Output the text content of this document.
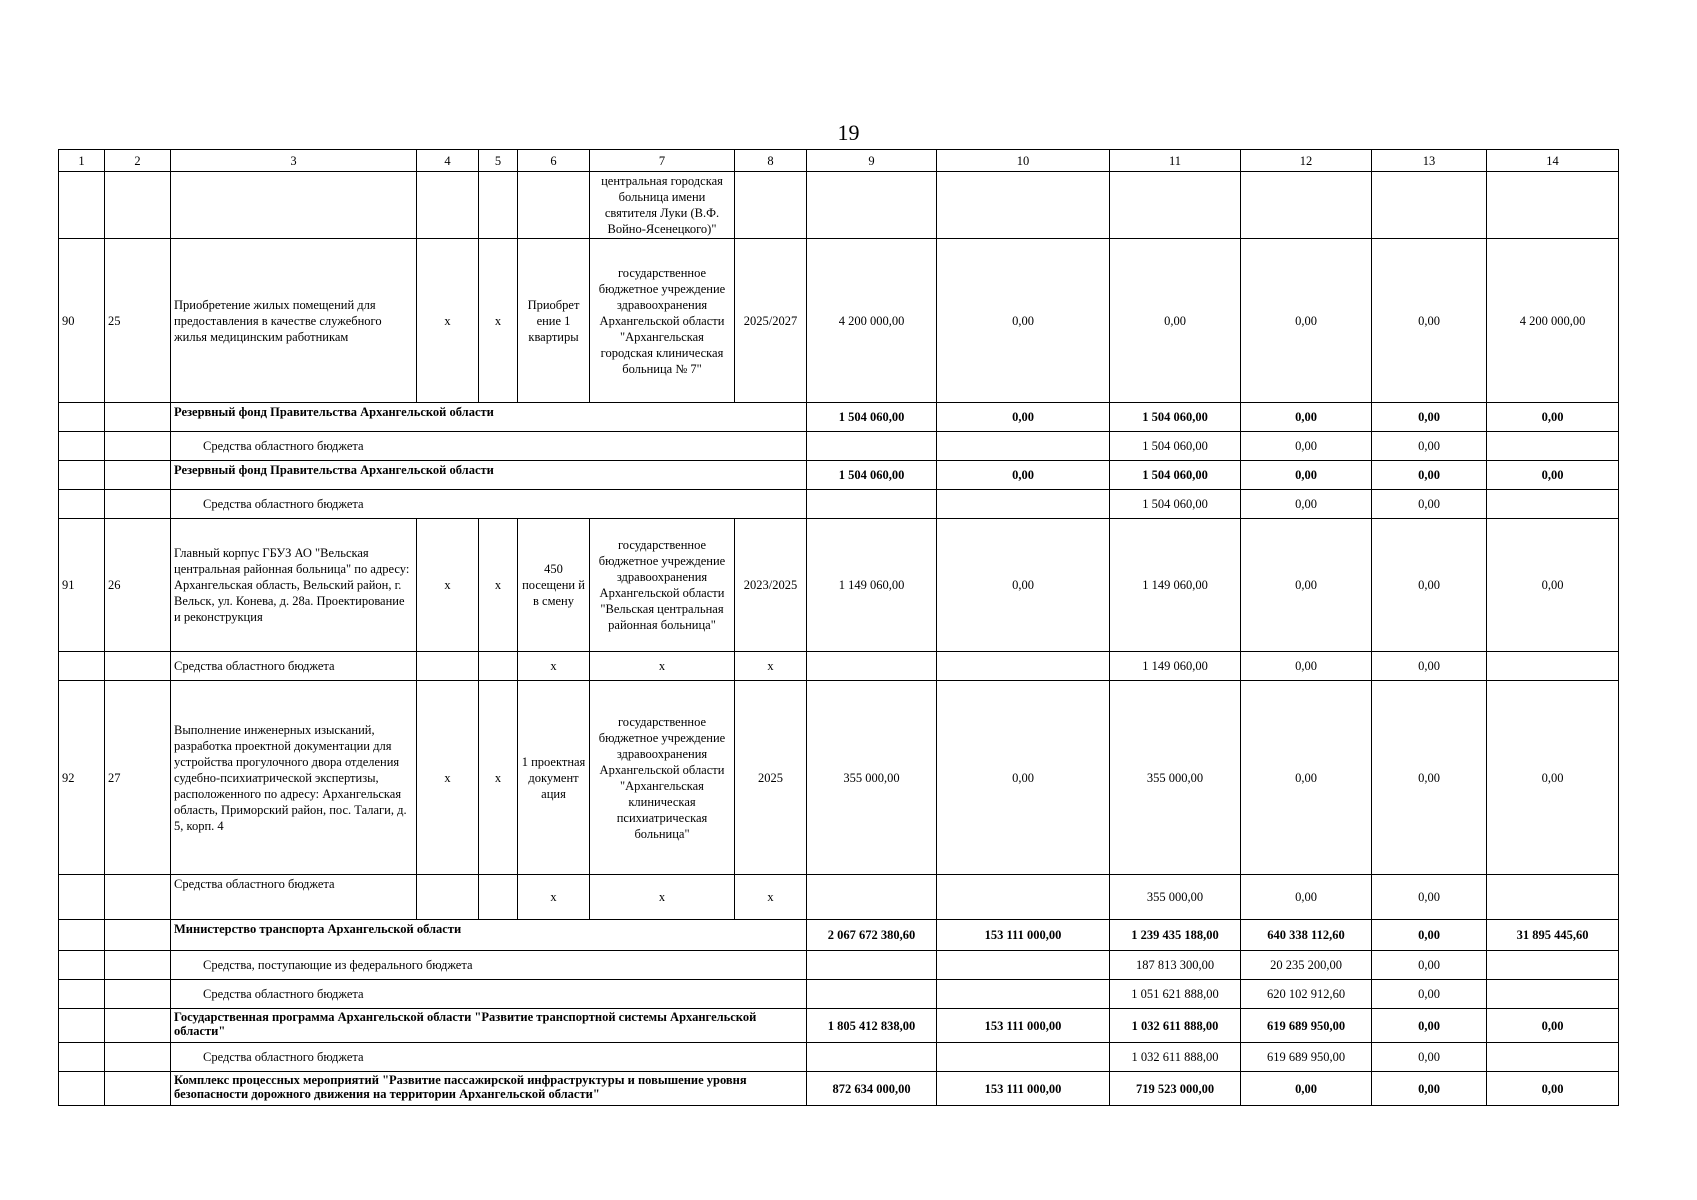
19
1	2	3	4	5	6	7	8	9	10	11	12	13	14
						центральная городская больница имени святителя Луки (В.Ф. Войно-Ясенецкого)"							
90	25	Приобретение жилых помещений для предоставления в качестве служебного жилья медицинским работникам	х	х	Приобрет ение 1 квартиры	государственное бюджетное учреждение здравоохранения Архангельской области "Архангельская городская клиническая больница № 7"	2025/2027	4 200 000,00	0,00	0,00	0,00	0,00	4 200 000,00
		Резервный фонд Правительства Архангельской области						1 504 060,00	0,00	1 504 060,00	0,00	0,00	0,00
		Средства областного бюджета								1 504 060,00	0,00	0,00	
		Резервный фонд Правительства Архангельской области						1 504 060,00	0,00	1 504 060,00	0,00	0,00	0,00
		Средства областного бюджета								1 504 060,00	0,00	0,00	
91	26	Главный корпус ГБУЗ АО "Вельская центральная районная больница" по адресу: Архангельская область, Вельский район, г. Вельск, ул. Конева, д. 28а. Проектирование и реконструкция	х	х	450 посещени й в смену	государственное бюджетное учреждение здравоохранения Архангельской области "Вельская центральная районная больница"	2023/2025	1 149 060,00	0,00	1 149 060,00	0,00	0,00	0,00
		Средства областного бюджета			х	х	х			1 149 060,00	0,00	0,00	
92	27	Выполнение инженерных изысканий, разработка проектной документации для устройства прогулочного двора отделения судебно-психиатрической экспертизы, расположенного по адресу: Архангельская область, Приморский район, пос. Талаги, д. 5, корп. 4	х	х	1 проектная документ ация	государственное бюджетное учреждение здравоохранения Архангельской области "Архангельская клиническая психиатрическая больница"	2025	355 000,00	0,00	355 000,00	0,00	0,00	0,00
		Средства областного бюджета			х	х	х			355 000,00	0,00	0,00	
		Министерство транспорта Архангельской области						2 067 672 380,60	153 111 000,00	1 239 435 188,00	640 338 112,60	0,00	31 895 445,60
		Средства, поступающие из федерального бюджета								187 813 300,00	20 235 200,00	0,00	
		Средства областного бюджета								1 051 621 888,00	620 102 912,60	0,00	
		Государственная программа Архангельской области "Развитие транспортной системы Архангельской области"						1 805 412 838,00	153 111 000,00	1 032 611 888,00	619 689 950,00	0,00	0,00
		Средства областного бюджета								1 032 611 888,00	619 689 950,00	0,00	
		Комплекс процессных мероприятий "Развитие пассажирской инфраструктуры и повышение уровня безопасности дорожного движения на территории Архангельской области"						872 634 000,00	153 111 000,00	719 523 000,00	0,00	0,00	0,00
